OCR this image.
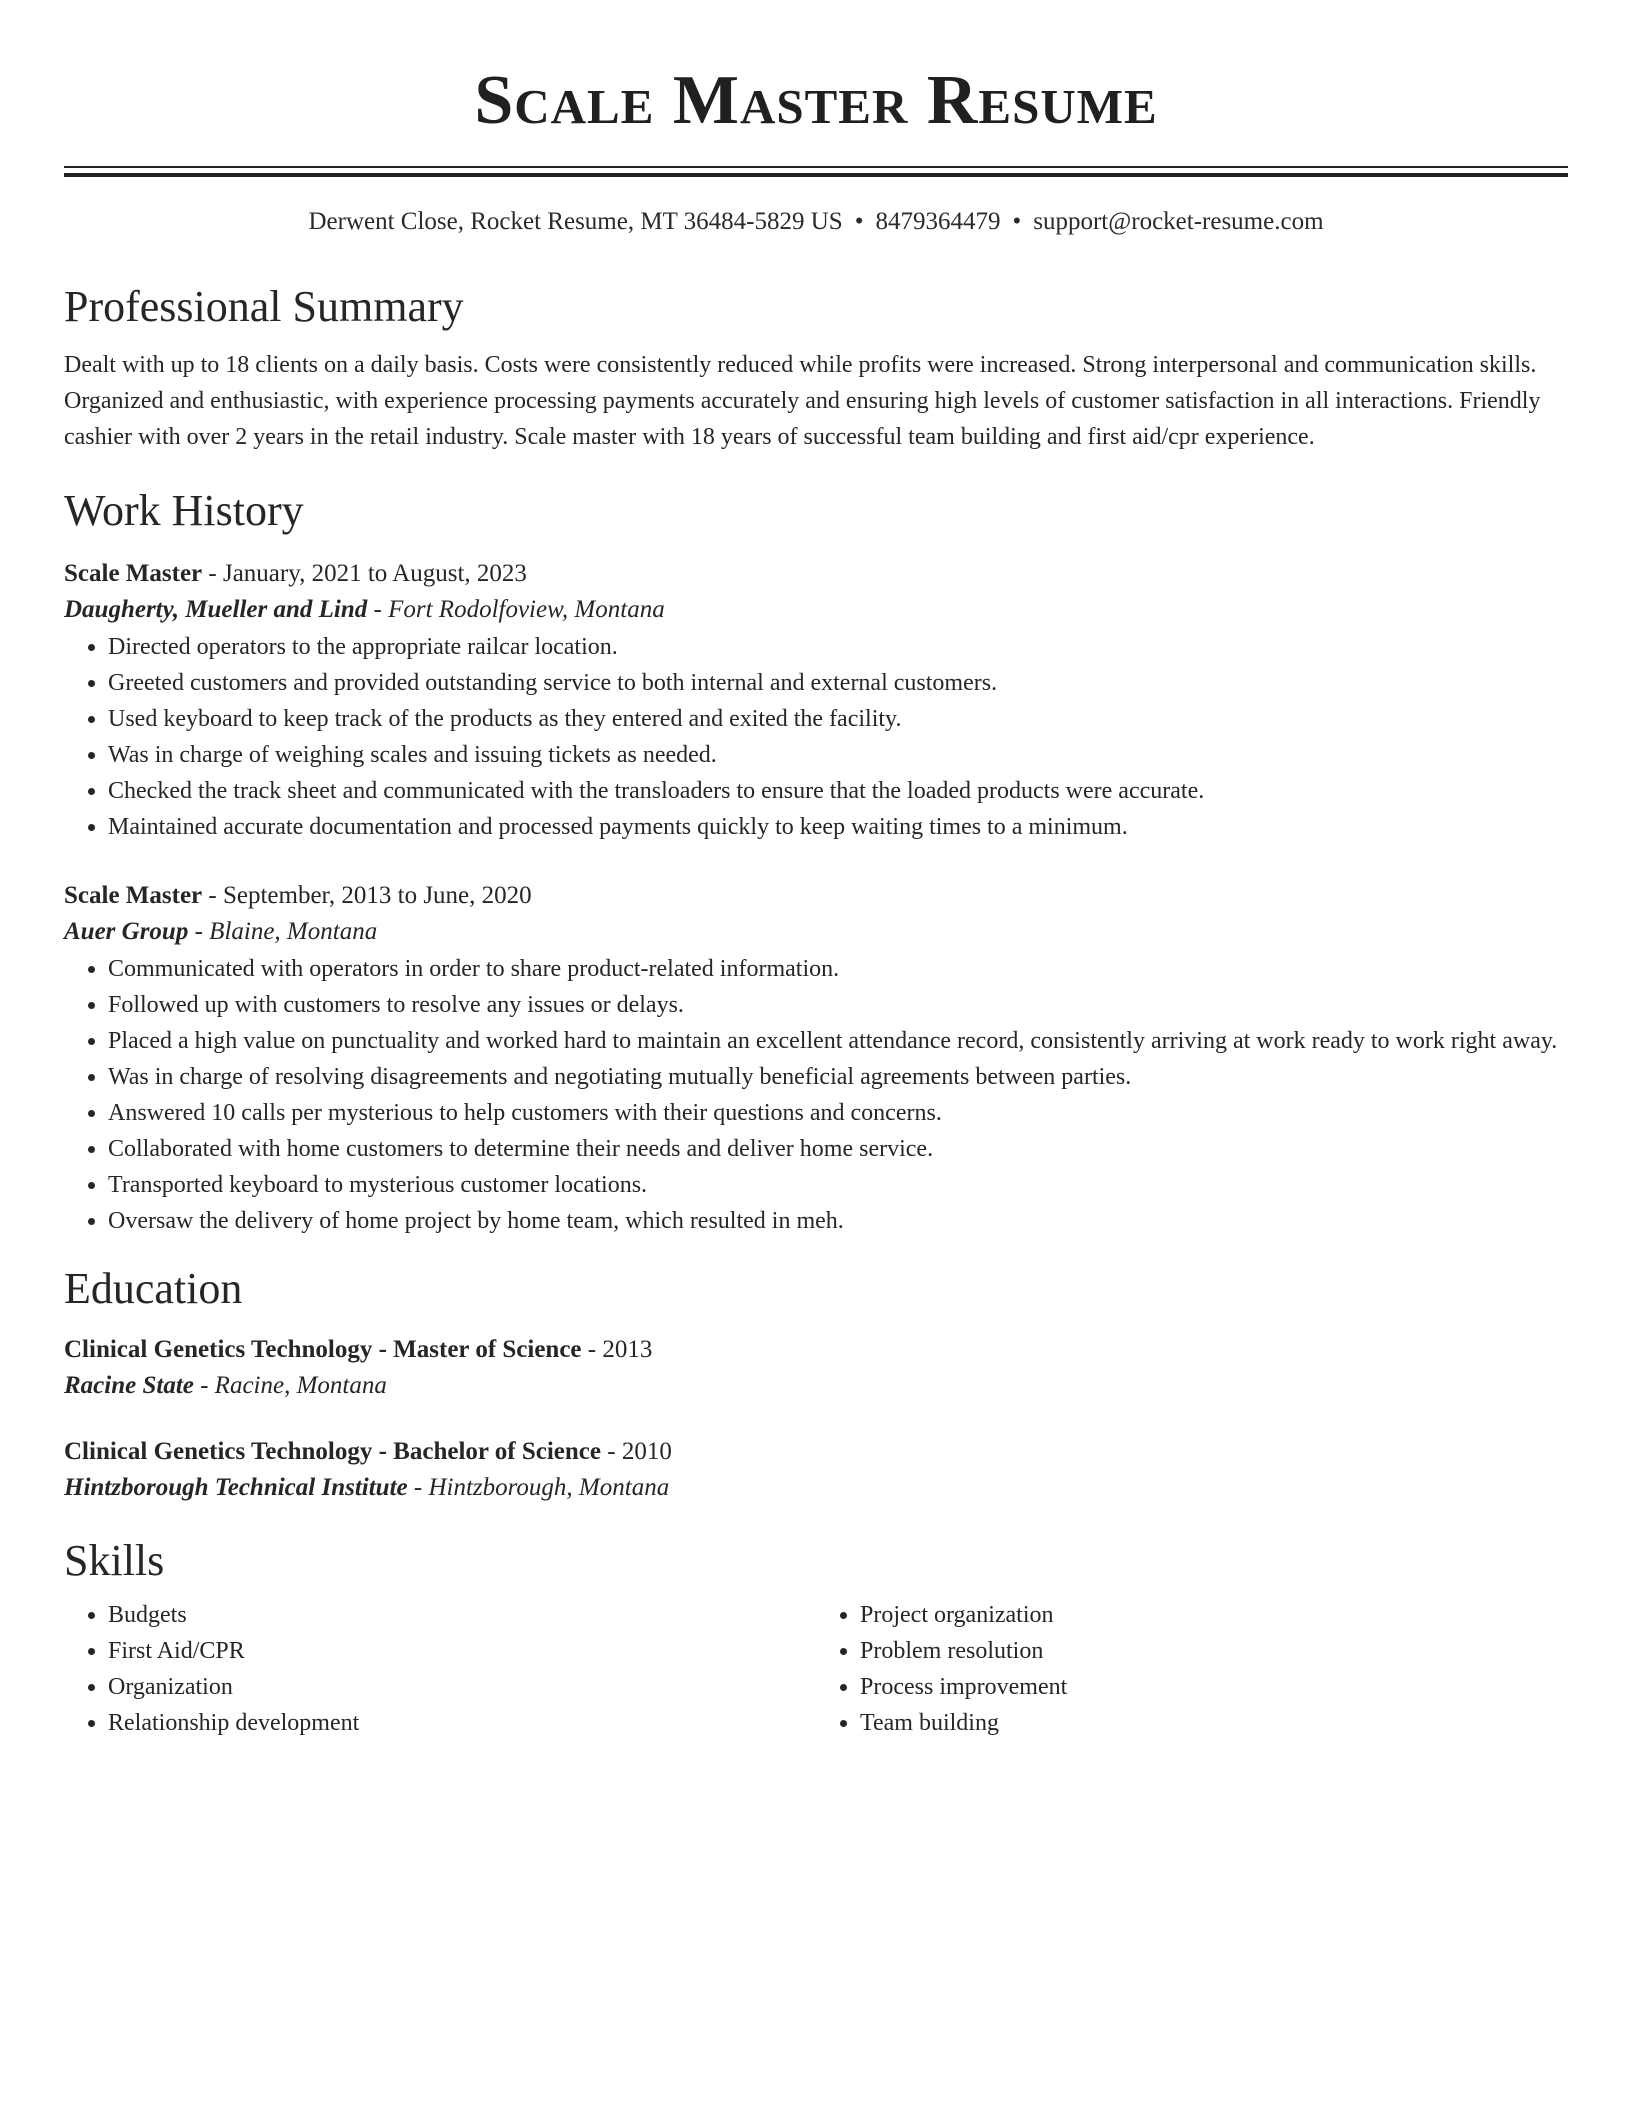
Scale Master Resume
Derwent Close, Rocket Resume, MT 36484-5829 US • 8479364479 • support@rocket-resume.com
Professional Summary
Dealt with up to 18 clients on a daily basis. Costs were consistently reduced while profits were increased. Strong interpersonal and communication skills. Organized and enthusiastic, with experience processing payments accurately and ensuring high levels of customer satisfaction in all interactions. Friendly cashier with over 2 years in the retail industry. Scale master with 18 years of successful team building and first aid/cpr experience.
Work History
Scale Master - January, 2021 to August, 2023
Daugherty, Mueller and Lind - Fort Rodolfoview, Montana
• Directed operators to the appropriate railcar location.
• Greeted customers and provided outstanding service to both internal and external customers.
• Used keyboard to keep track of the products as they entered and exited the facility.
• Was in charge of weighing scales and issuing tickets as needed.
• Checked the track sheet and communicated with the transloaders to ensure that the loaded products were accurate.
• Maintained accurate documentation and processed payments quickly to keep waiting times to a minimum.
Scale Master - September, 2013 to June, 2020
Auer Group - Blaine, Montana
• Communicated with operators in order to share product-related information.
• Followed up with customers to resolve any issues or delays.
• Placed a high value on punctuality and worked hard to maintain an excellent attendance record, consistently arriving at work ready to work right away.
• Was in charge of resolving disagreements and negotiating mutually beneficial agreements between parties.
• Answered 10 calls per mysterious to help customers with their questions and concerns.
• Collaborated with home customers to determine their needs and deliver home service.
• Transported keyboard to mysterious customer locations.
• Oversaw the delivery of home project by home team, which resulted in meh.
Education
Clinical Genetics Technology - Master of Science - 2013
Racine State - Racine, Montana
Clinical Genetics Technology - Bachelor of Science - 2010
Hintzborough Technical Institute - Hintzborough, Montana
Skills
• Budgets
• First Aid/CPR
• Organization
• Relationship development
• Project organization
• Problem resolution
• Process improvement
• Team building
